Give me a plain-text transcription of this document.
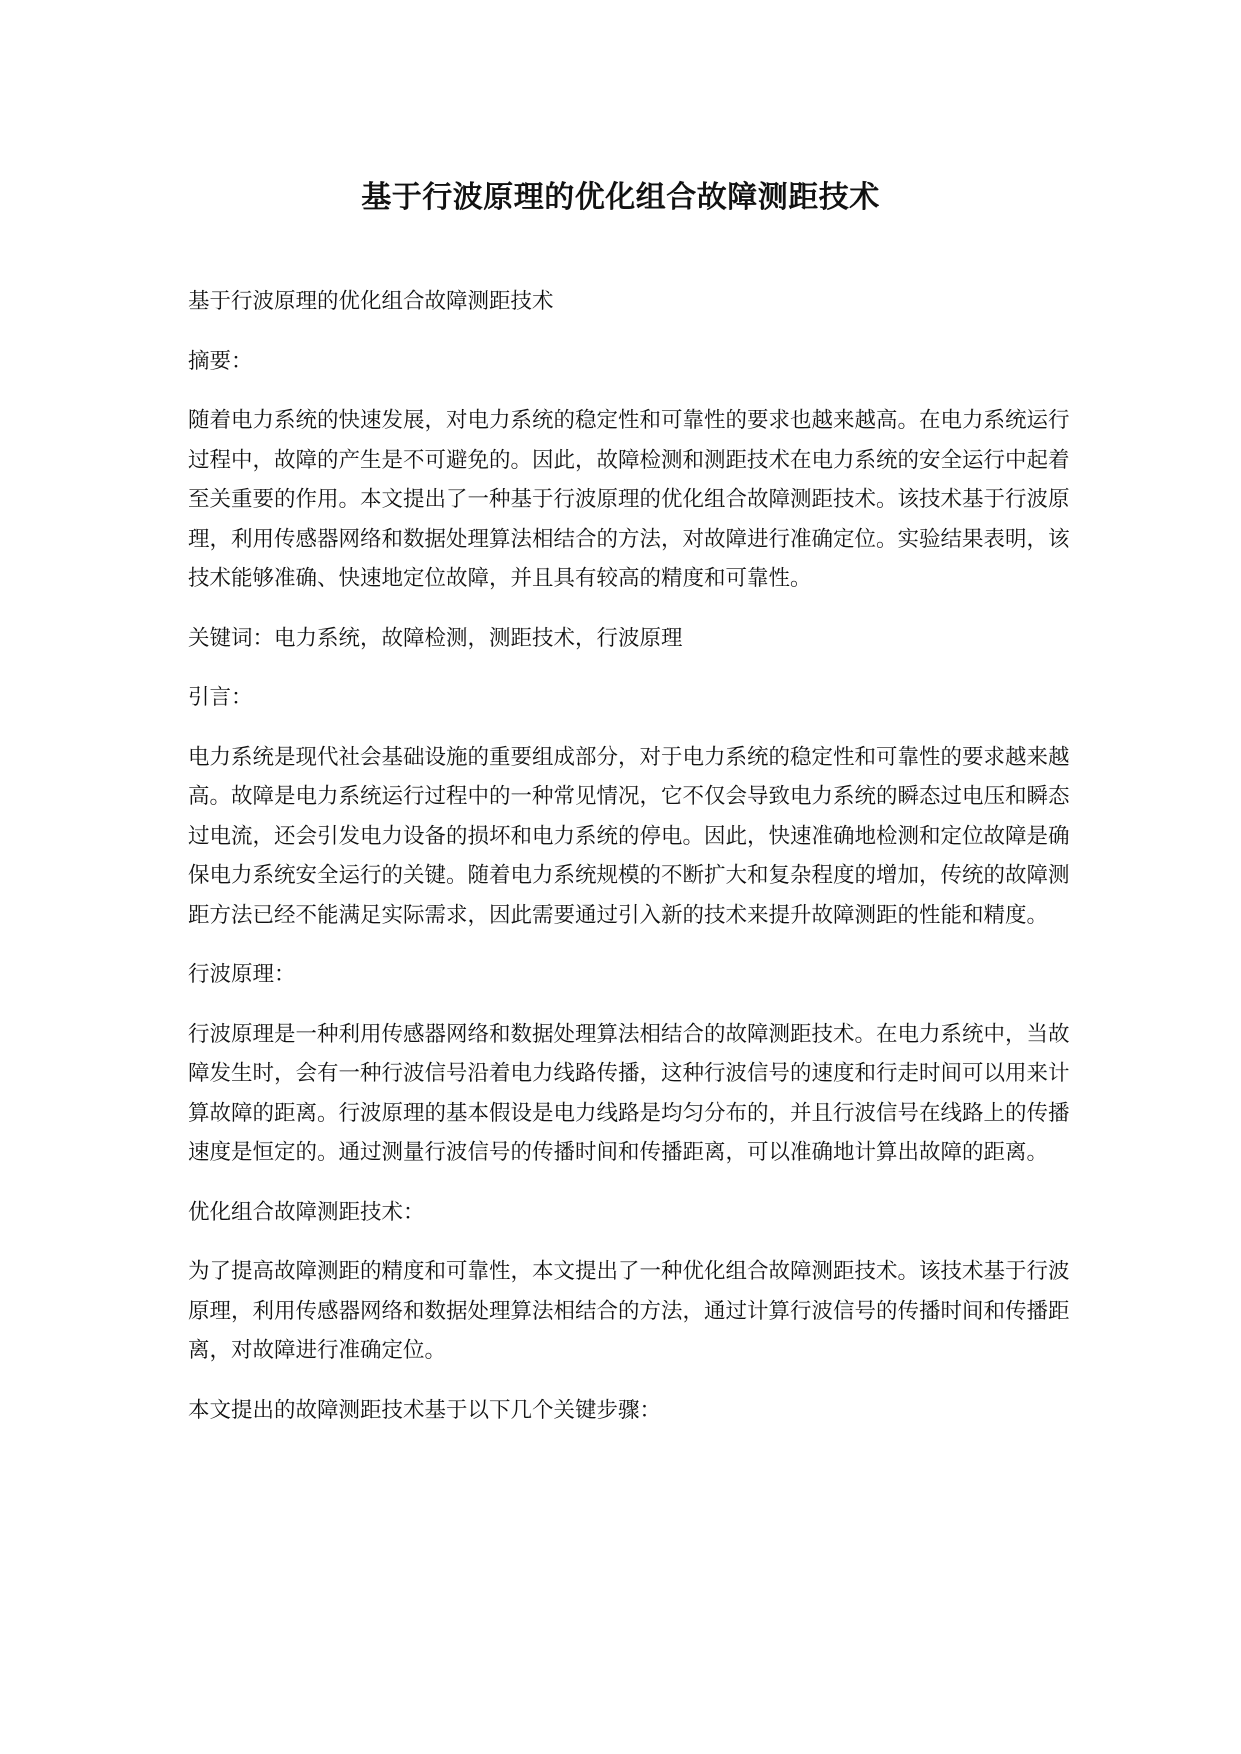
基于行波原理的优化组合故障测距技术

基于行波原理的优化组合故障测距技术

摘要：

随着电力系统的快速发展，对电力系统的稳定性和可靠性的要求也越来越高。在电力系统运行过程中，故障的产生是不可避免的。因此，故障检测和测距技术在电力系统的安全运行中起着至关重要的作用。本文提出了一种基于行波原理的优化组合故障测距技术。该技术基于行波原理，利用传感器网络和数据处理算法相结合的方法，对故障进行准确定位。实验结果表明，该技术能够准确、快速地定位故障，并且具有较高的精度和可靠性。

关键词：电力系统，故障检测，测距技术，行波原理

引言：

电力系统是现代社会基础设施的重要组成部分，对于电力系统的稳定性和可靠性的要求越来越高。故障是电力系统运行过程中的一种常见情况，它不仅会导致电力系统的瞬态过电压和瞬态过电流，还会引发电力设备的损坏和电力系统的停电。因此，快速准确地检测和定位故障是确保电力系统安全运行的关键。随着电力系统规模的不断扩大和复杂程度的增加，传统的故障测距方法已经不能满足实际需求，因此需要通过引入新的技术来提升故障测距的性能和精度。

行波原理：

行波原理是一种利用传感器网络和数据处理算法相结合的故障测距技术。在电力系统中，当故障发生时，会有一种行波信号沿着电力线路传播，这种行波信号的速度和行走时间可以用来计算故障的距离。行波原理的基本假设是电力线路是均匀分布的，并且行波信号在线路上的传播速度是恒定的。通过测量行波信号的传播时间和传播距离，可以准确地计算出故障的距离。

优化组合故障测距技术：

为了提高故障测距的精度和可靠性，本文提出了一种优化组合故障测距技术。该技术基于行波原理，利用传感器网络和数据处理算法相结合的方法，通过计算行波信号的传播时间和传播距离，对故障进行准确定位。

本文提出的故障测距技术基于以下几个关键步骤：
